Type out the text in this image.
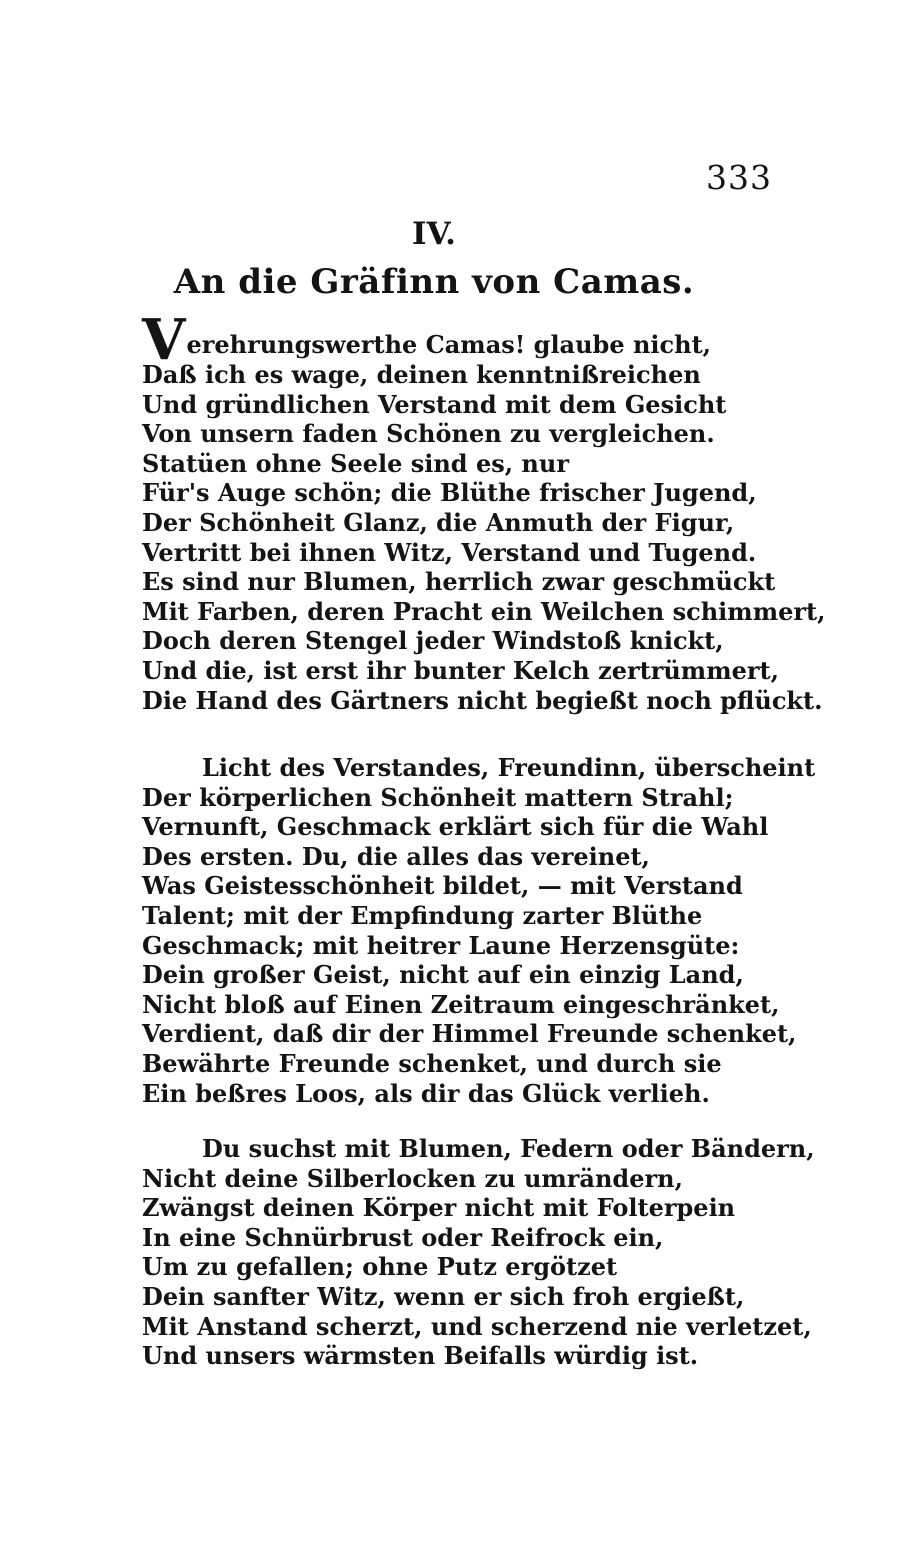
333
IV.
An die Gräfinn von Camas.
Verehrungswerthe Camas! glaube nicht,
Daß ich es wage, deinen kenntnißreichen
Und gründlichen Verstand mit dem Gesicht
Von unsern faden Schönen zu vergleichen.
Statüen ohne Seele sind es, nur
Für's Auge schön; die Blüthe frischer Jugend,
Der Schönheit Glanz, die Anmuth der Figur,
Vertritt bei ihnen Witz, Verstand und Tugend.
Es sind nur Blumen, herrlich zwar geschmückt
Mit Farben, deren Pracht ein Weilchen schimmert,
Doch deren Stengel jeder Windstoß knickt,
Und die, ist erst ihr bunter Kelch zertrümmert,
Die Hand des Gärtners nicht begießt noch pflückt.
Licht des Verstandes, Freundinn, überscheint
Der körperlichen Schönheit mattern Strahl;
Vernunft, Geschmack erklärt sich für die Wahl
Des ersten. Du, die alles das vereinet,
Was Geistesschönheit bildet, — mit Verstand
Talent; mit der Empfindung zarter Blüthe
Geschmack; mit heitrer Laune Herzensgüte:
Dein großer Geist, nicht auf ein einzig Land,
Nicht bloß auf Einen Zeitraum eingeschränket,
Verdient, daß dir der Himmel Freunde schenket,
Bewährte Freunde schenket, und durch sie
Ein beßres Loos, als dir das Glück verlieh.
Du suchst mit Blumen, Federn oder Bändern,
Nicht deine Silberlocken zu umrändern,
Zwängst deinen Körper nicht mit Folterpein
In eine Schnürbrust oder Reifrock ein,
Um zu gefallen; ohne Putz ergötzet
Dein sanfter Witz, wenn er sich froh ergießt,
Mit Anstand scherzt, und scherzend nie verletzet,
Und unsers wärmsten Beifalls würdig ist.
